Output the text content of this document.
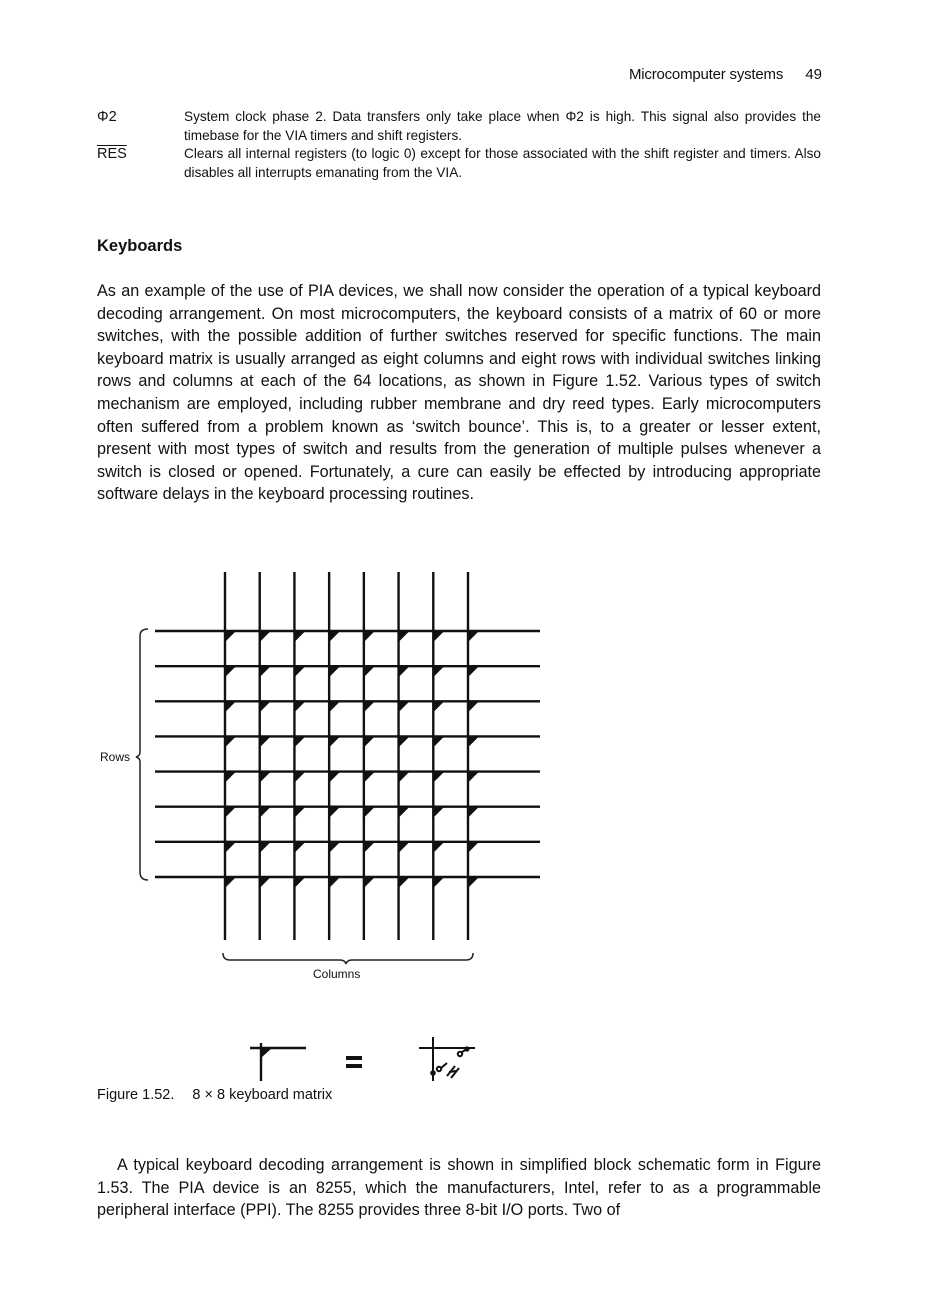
Microcomputer systems 49
Φ2	System clock phase 2. Data transfers only take place when Φ2 is high. This signal also provides the timebase for the VIA timers and shift registers.
$\overline{RES}$	Clears all internal registers (to logic 0) except for those associated with the shift register and timers. Also disables all interrupts emanating from the VIA.
Keyboards

As an example of the use of PIA devices, we shall now consider the operation of a typical keyboard decoding arrangement. On most microcomputers, the keyboard consists of a matrix of 60 or more switches, with the possible addition of further switches reserved for specific functions. The main keyboard matrix is usually arranged as eight columns and eight rows with individual switches linking rows and columns at each of the 64 locations, as shown in Figure 1.52. Various types of switch mechanism are employed, including rubber membrane and dry reed types. Early microcomputers often suffered from a problem known as ‘switch bounce’. This is, to a greater or lesser extent, present with most types of switch and results from the generation of multiple pulses whenever a switch is closed or opened. Fortunately, a cure can easily be effected by introducing appropriate software delays in the keyboard processing routines.

Rows
Columns
Figure 1.52. 8 × 8 keyboard matrix

A typical keyboard decoding arrangement is shown in simplified block schematic form in Figure 1.53. The PIA device is an 8255, which the manufacturers, Intel, refer to as a programmable peripheral interface (PPI). The 8255 provides three 8-bit I/O ports. Two of
